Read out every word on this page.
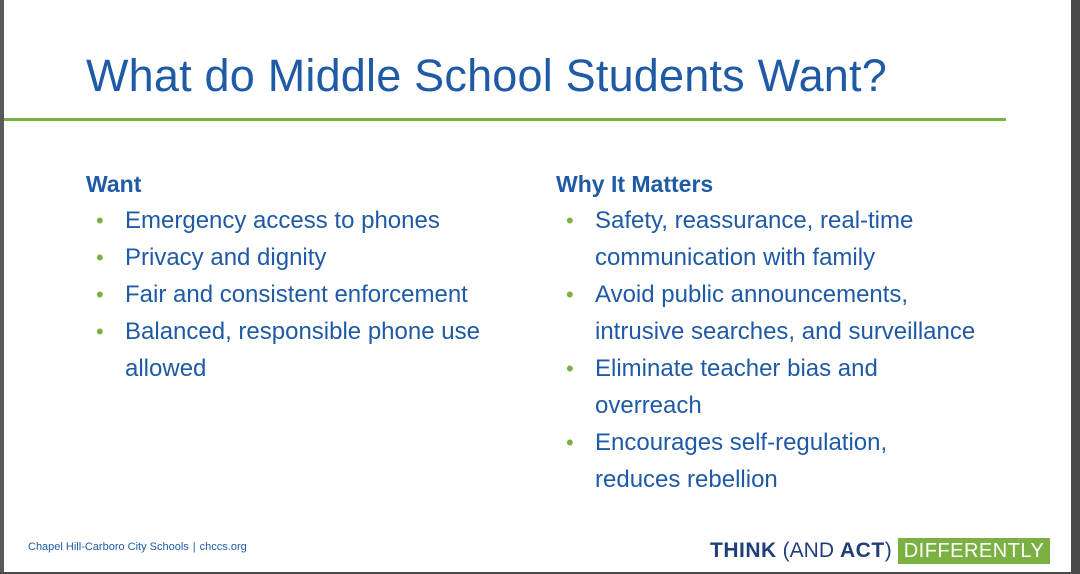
What do Middle School Students Want?
Want
• Emergency access to phones
• Privacy and dignity
• Fair and consistent enforcement
• Balanced, responsible phone use allowed
Why It Matters
• Safety, reassurance, real-time communication with family
• Avoid public announcements, intrusive searches, and surveillance
• Eliminate teacher bias and overreach
• Encourages self-regulation, reduces rebellion
Chapel Hill-Carboro City Schools | chccs.org	THINK (AND ACT ) DIFFERENTLY
